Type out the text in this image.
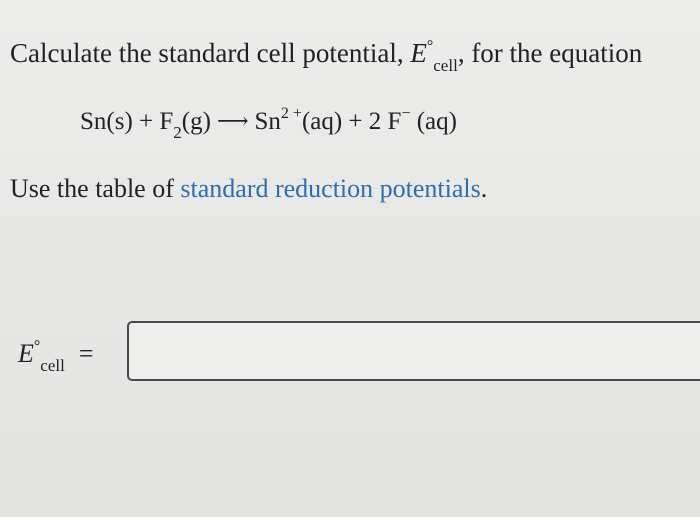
Calculate the standard cell potential, $E^\circ_{cell}$, for the equation
$Sn(s) + F_2(g)$ ⟶ $Sn^{2 +}(aq) + 2$ F− (aq)
Use the table of standard reduction potentials.
$E^\circ_{cell}$ =
